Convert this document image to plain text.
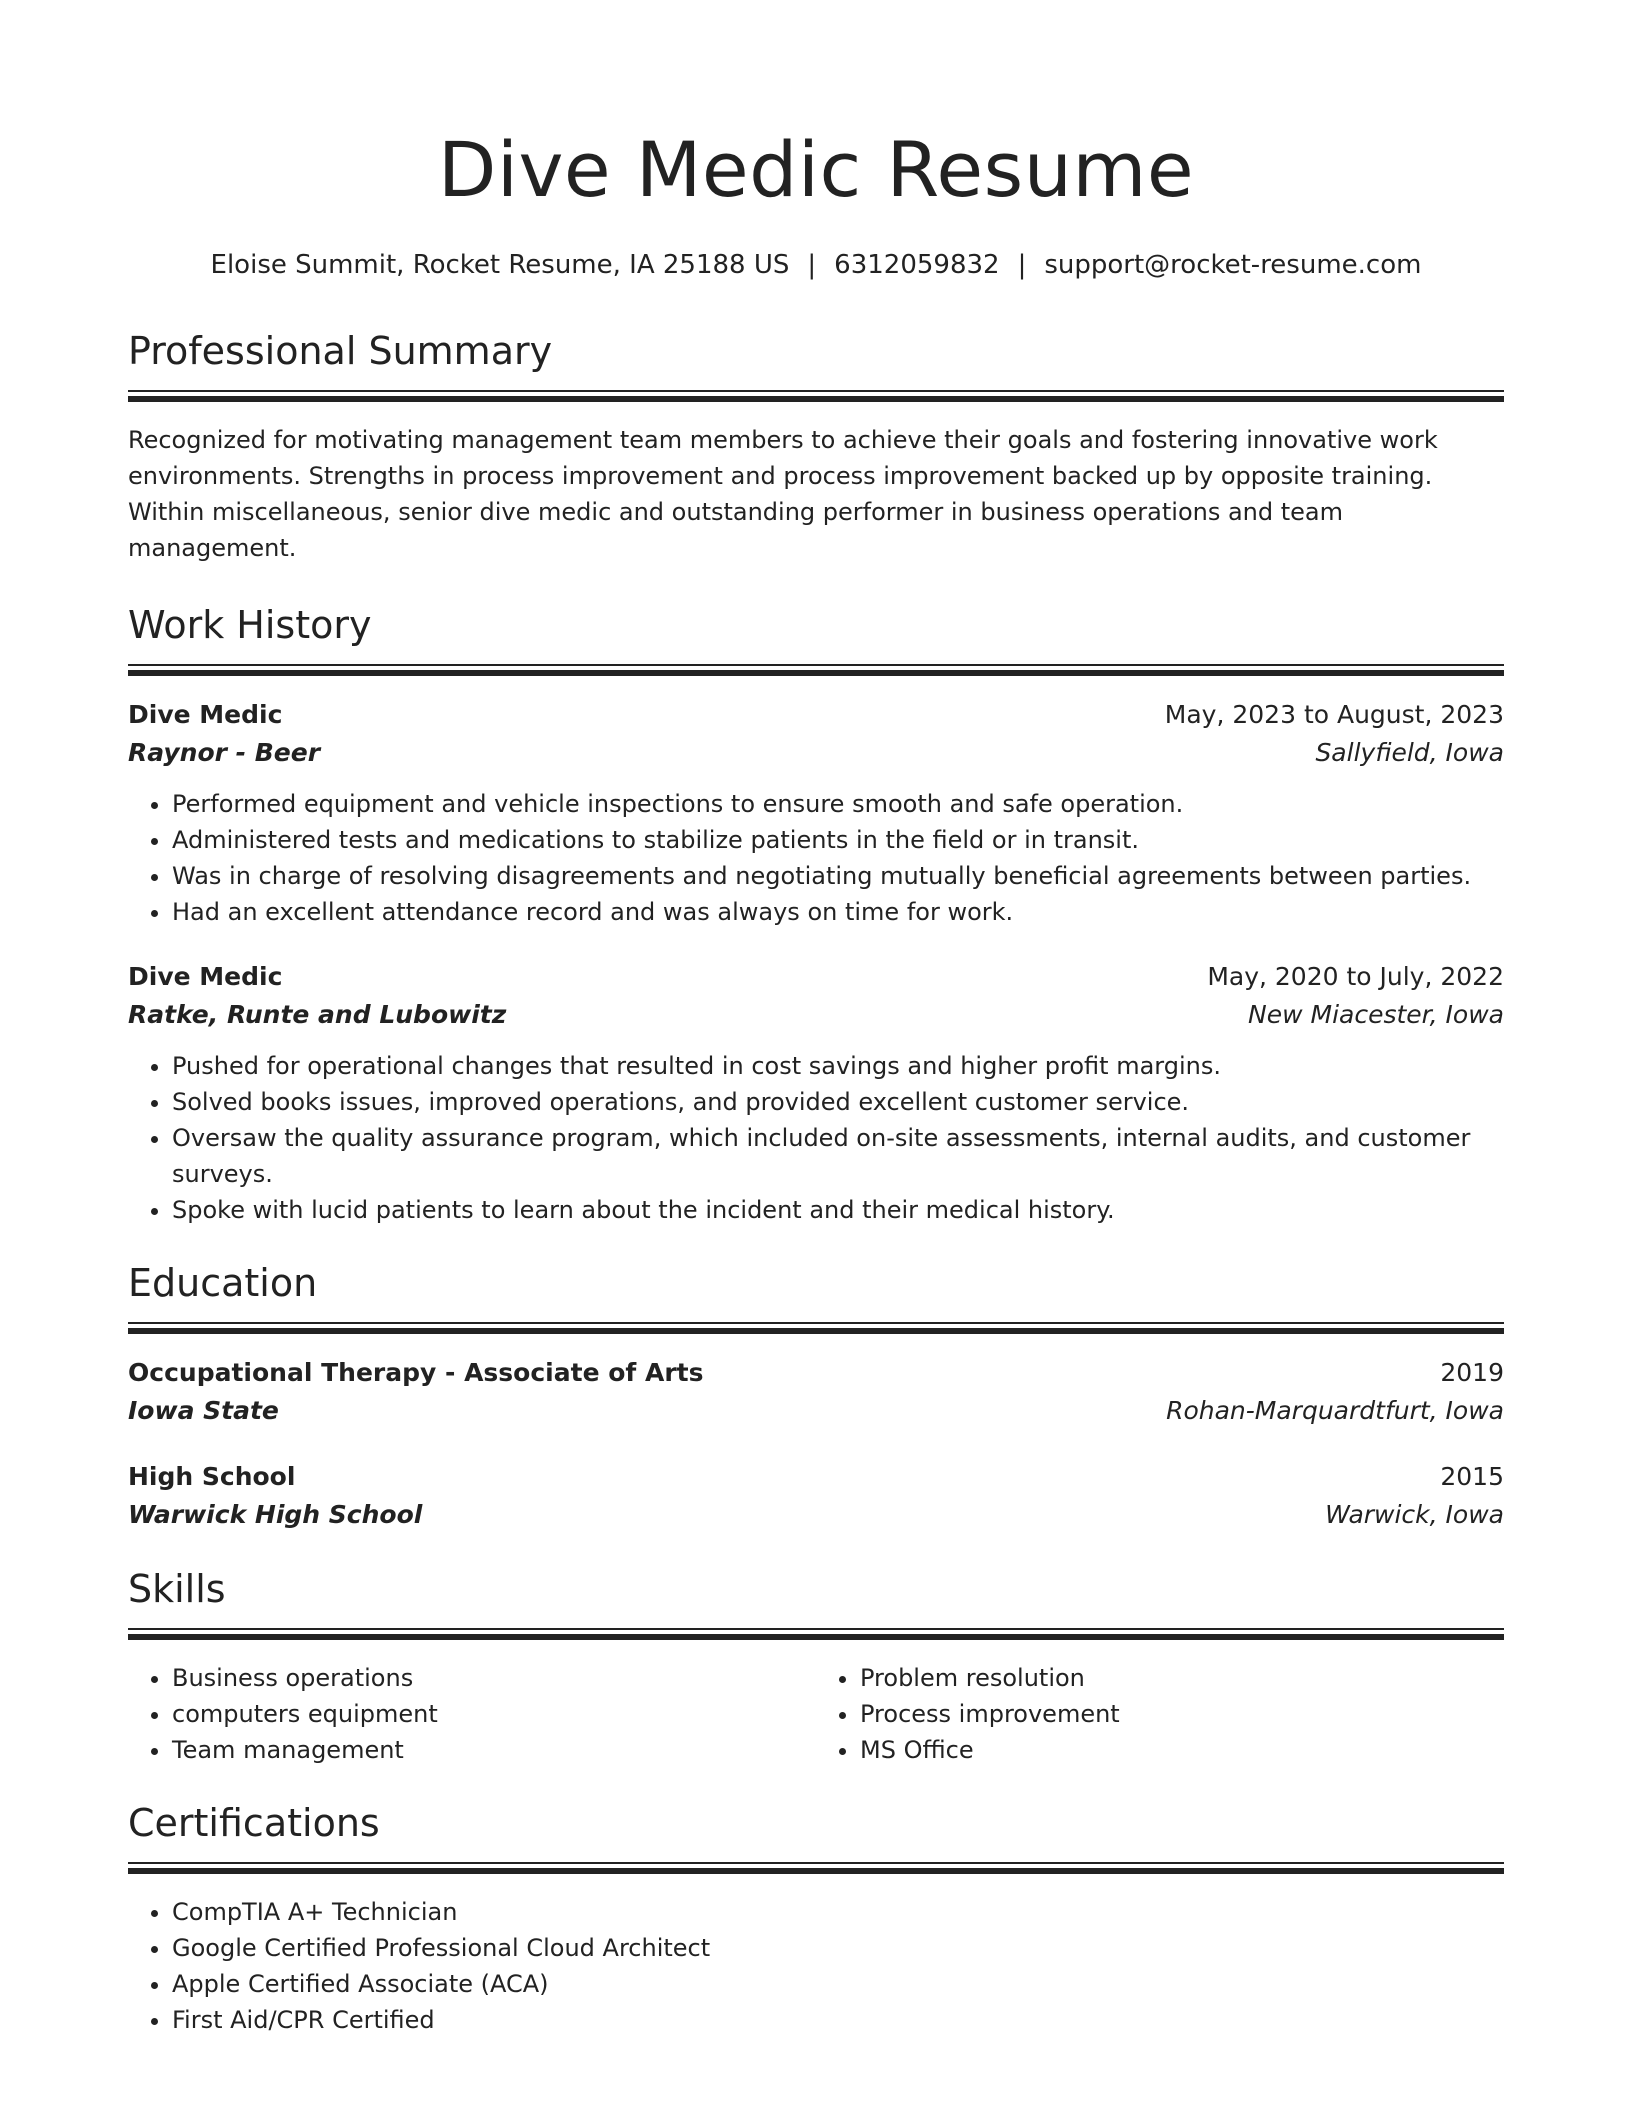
Dive Medic Resume
Eloise Summit, Rocket Resume, IA 25188 US | 6312059832 | support@rocket-resume.com
Professional Summary

Recognized for motivating management team members to achieve their goals and fostering innovative work environments. Strengths in process improvement and process improvement backed up by opposite training. Within miscellaneous, senior dive medic and outstanding performer in business operations and team management.

Work History
Dive Medic	May, 2023 to August, 2023
Raynor - Beer	Sallyfield, Iowa
• Performed equipment and vehicle inspections to ensure smooth and safe operation.
• Administered tests and medications to stabilize patients in the field or in transit.
• Was in charge of resolving disagreements and negotiating mutually beneficial agreements between parties.
• Had an excellent attendance record and was always on time for work.
Dive Medic	May, 2020 to July, 2022
Ratke, Runte and Lubowitz	New Miacester, Iowa
• Pushed for operational changes that resulted in cost savings and higher profit margins.
• Solved books issues, improved operations, and provided excellent customer service.
• Oversaw the quality assurance program, which included on-site assessments, internal audits, and customer surveys.
• Spoke with lucid patients to learn about the incident and their medical history.
Education
Occupational Therapy - Associate of Arts	2019
Iowa State	Rohan-Marquardtfurt, Iowa
High School	2015
Warwick High School	Warwick, Iowa
Skills
• Business operations
• computers equipment
• Team management
• Problem resolution
• Process improvement
• MS Office
Certifications
• CompTIA A+ Technician
• Google Certified Professional Cloud Architect
• Apple Certified Associate (ACA)
• First Aid/CPR Certified
